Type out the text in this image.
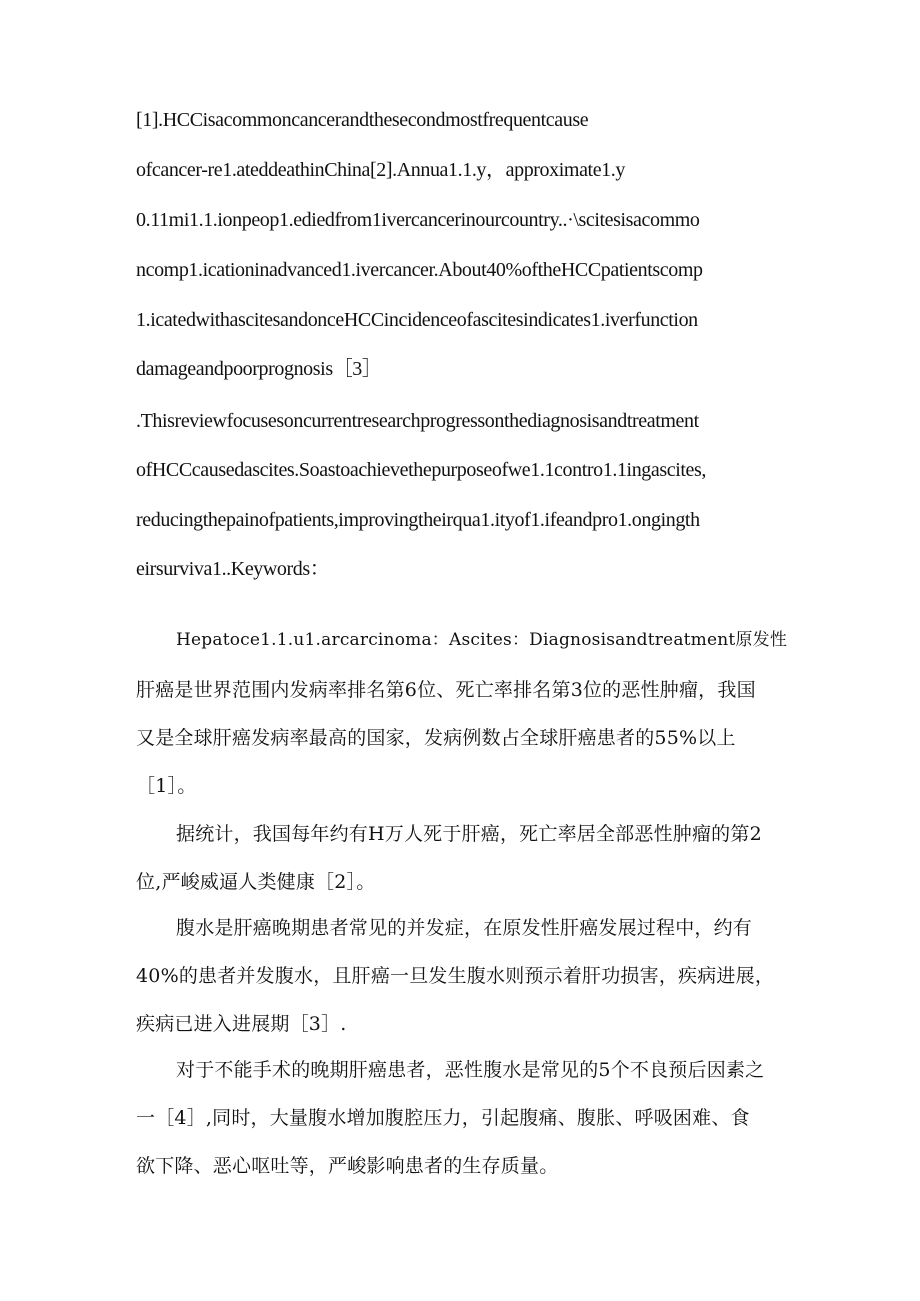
[1].HCCisacommoncancerandthesecondmostfrequentcause
ofcancer-re1.ateddeathinChina[2].Annua1.1.y，approximate1.y
0.11mi1.1.ionpeop1.ediedfrom1ivercancerinourcountry..·\scitesisacommo
ncomp1.icationinadvanced1.ivercancer.About40%oftheHCCpatientscomp
1.icatedwithascitesandonceHCCincidenceofascitesindicates1.iverfunction
damageandpoorprognosis［3］
.Thisreviewfocusesoncurrentresearchprogressonthediagnosisandtreatment
ofHCCcausedascites.Soastoachievethepurposeofwe1.1contro1.1ingascites,
reducingthepainofpatients,improvingtheirqua1.ityof1.ifeandpro1.ongingth
eirsurviva1..Keywords：
Hepatoce1.1.u1.arcarcinoma：Ascites：Diagnosisandtreatment原发性
肝癌是世界范围内发病率排名第6位、死亡率排名第3位的恶性肿瘤，我国
又是全球肝癌发病率最高的国家，发病例数占全球肝癌患者的55%以上
［1］。
据统计，我国每年约有H万人死于肝癌，死亡率居全部恶性肿瘤的第2
位,严峻威逼人类健康［2］。
腹水是肝癌晚期患者常见的并发症，在原发性肝癌发展过程中，约有
40%的患者并发腹水，且肝癌一旦发生腹水则预示着肝功损害，疾病进展，
疾病已进入进展期［3］.
对于不能手术的晚期肝癌患者，恶性腹水是常见的5个不良预后因素之
一［4］,同时，大量腹水增加腹腔压力，引起腹痛、腹胀、呼吸困难、食
欲下降、恶心呕吐等，严峻影响患者的生存质量。
